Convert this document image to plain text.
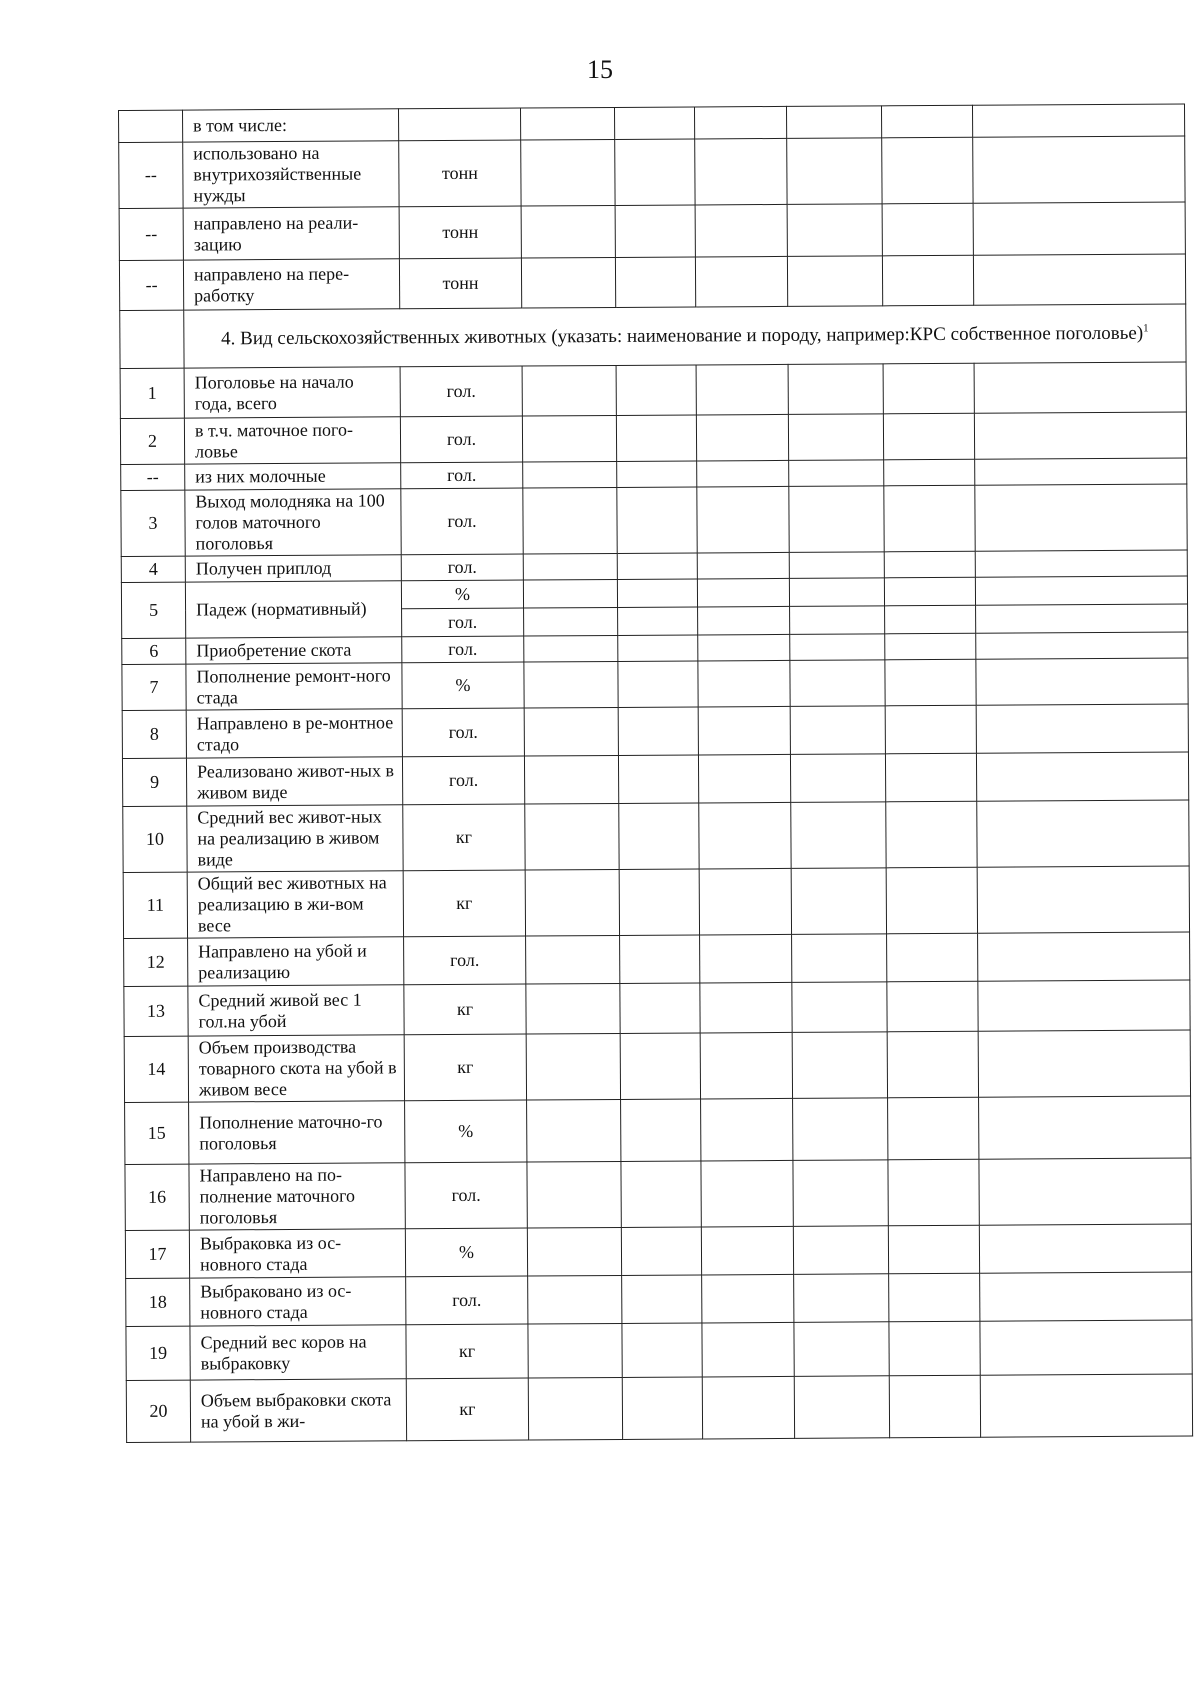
15
	в том числе:							
--	использовано на внутрихозяйственные нужды	тонн						
--	направлено на реали-зацию	тонн						
--	направлено на пере-работку	тонн						
	4. Вид сельскохозяйственных животных (указать: наименование и породу, например:КРС собственное поголовье)$^1$
1	Поголовье на начало года, всего	гол.						
2	в т.ч. маточное пого-ловье	гол.						
--	из них молочные	гол.						
3	Выход молодняка на 100 голов маточного поголовья	гол.						
4	Получен приплод	гол.						
5	Падеж (нормативный)	%						
		гол.						
6	Приобретение скота	гол.						
7	Пополнение ремонт-ного стада	%						
8	Направлено в ре-монтное стадо	гол.						
9	Реализовано живот-ных в живом виде	гол.						
10	Средний вес живот-ных на реализацию в живом виде	кг						
11	Общий вес животных на реализацию в жи-вом весе	кг						
12	Направлено на убой и реализацию	гол.						
13	Средний живой вес 1 гол.на убой	кг						
14	Объем производства товарного скота на убой в живом весе	кг						
15	Пополнение маточно-го поголовья	%						
16	Направлено на по-полнение маточного поголовья	гол.						
17	Выбраковка из ос-новного стада	%						
18	Выбраковано из ос-новного стада	гол.						
19	Средний вес коров на выбраковку	кг						
20	Объем выбраковки скота на убой в жи-	кг						
